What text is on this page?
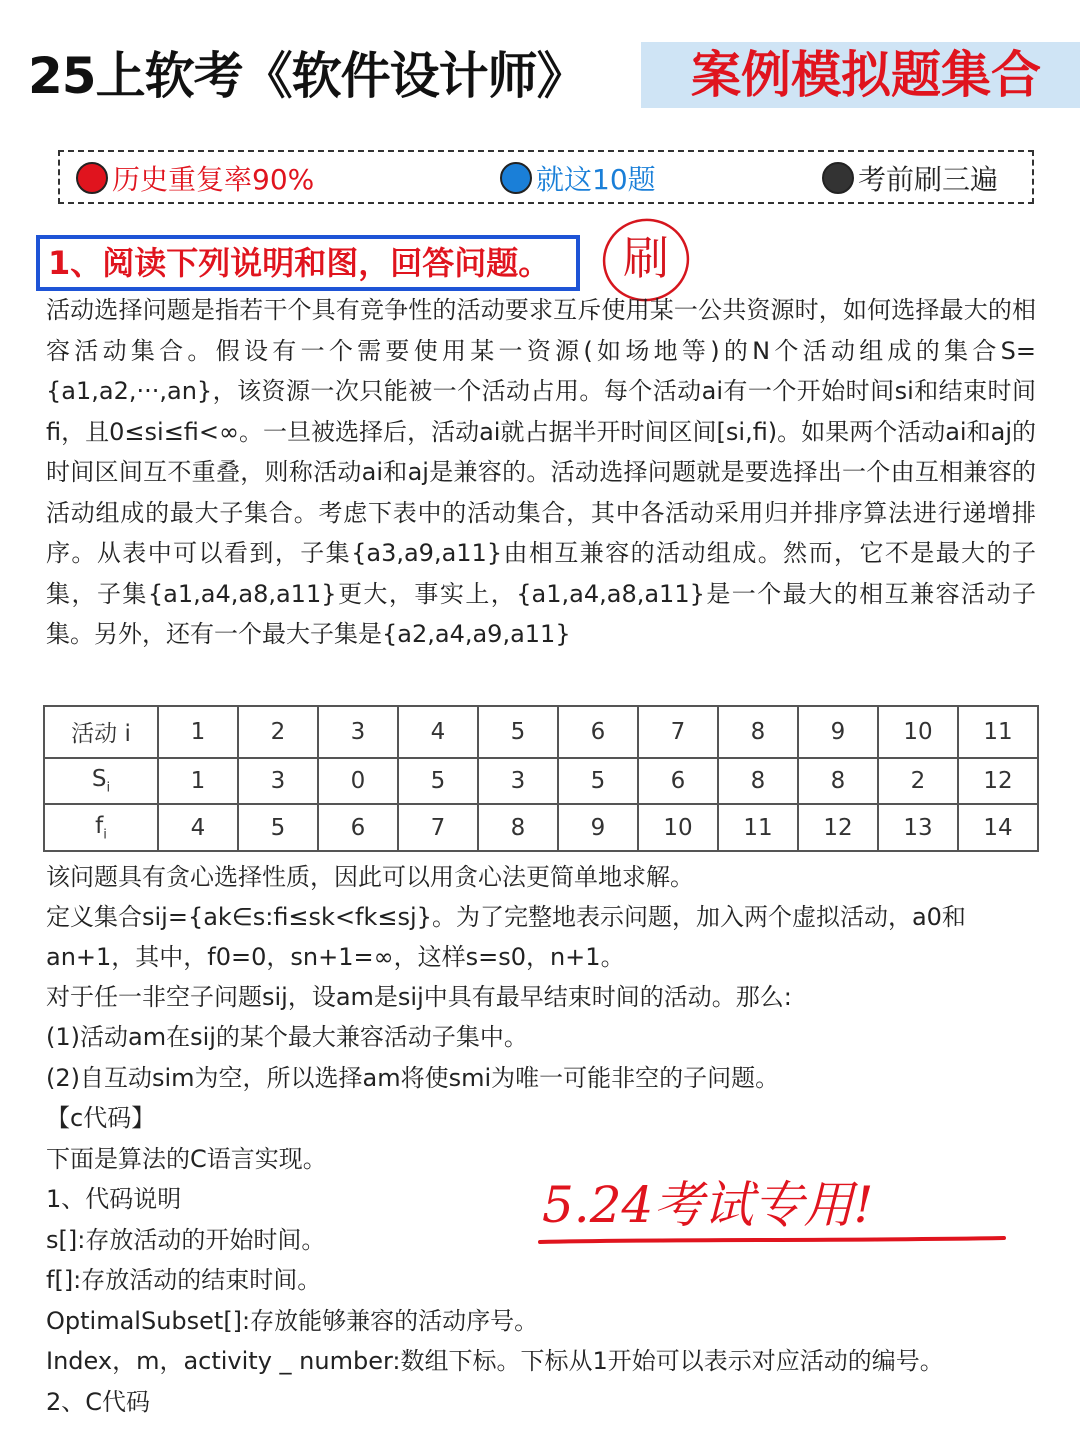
25上软考《软件设计师》	案例模拟题集合
历史重复率90%	就这10题	考前刷三遍
1、阅读下列说明和图，回答问题。	刷

活动选择问题是指若干个具有竞争性的活动要求互斥使用某一公共资源时，如何选择最大的相容活动集合。假设有一个需要使用某一资源(如场地等)的N个活动组成的集合S={a1,a2,···,an}，该资源一次只能被一个活动占用。每个活动ai有一个开始时间si和结束时间fi，且0≤si≤fi<∞。一旦被选择后，活动ai就占据半开时间区间[si,fi)。如果两个活动ai和aj的时间区间互不重叠，则称活动ai和aj是兼容的。活动选择问题就是要选择出一个由互相兼容的活动组成的最大子集合。考虑下表中的活动集合，其中各活动采用归并排序算法进行递增排序。从表中可以看到，子集{a3,a9,a11}由相互兼容的活动组成。然而，它不是最大的子集，子集{a1,a4,a8,a11}更大，事实上，{a1,a4,a8,a11}是一个最大的相互兼容活动子集。另外，还有一个最大子集是{a2,a4,a9,a11}

活动 i	1	2	3	4	5	6	7	8	9	10	11
$S_i$	1	3	0	5	3	5	6	8	8	2	12
$f_i$	4	5	6	7	8	9	10	11	12	13	14
该问题具有贪心选择性质，因此可以用贪心法更简单地求解。
定义集合sij={ak∈s:fi≤sk<fk≤sj}。为了完整地表示问题，加入两个虚拟活动，a0和
an+1，其中，f0=0，sn+1=∞，这样s=s0，n+1。
对于任一非空子问题sij，设am是sij中具有最早结束时间的活动。那么:
(1)活动am在sij的某个最大兼容活动子集中。
(2)自互动sim为空，所以选择am将使smi为唯一可能非空的子问题。
【c代码】
下面是算法的C语言实现。
1、代码说明
s[]:存放活动的开始时间。
f[]:存放活动的结束时间。
OptimalSubset[]:存放能够兼容的活动序号。
Index，m，activity _ number:数组下标。下标从1开始可以表示对应活动的编号。
2、C代码
5.24考试专用!
